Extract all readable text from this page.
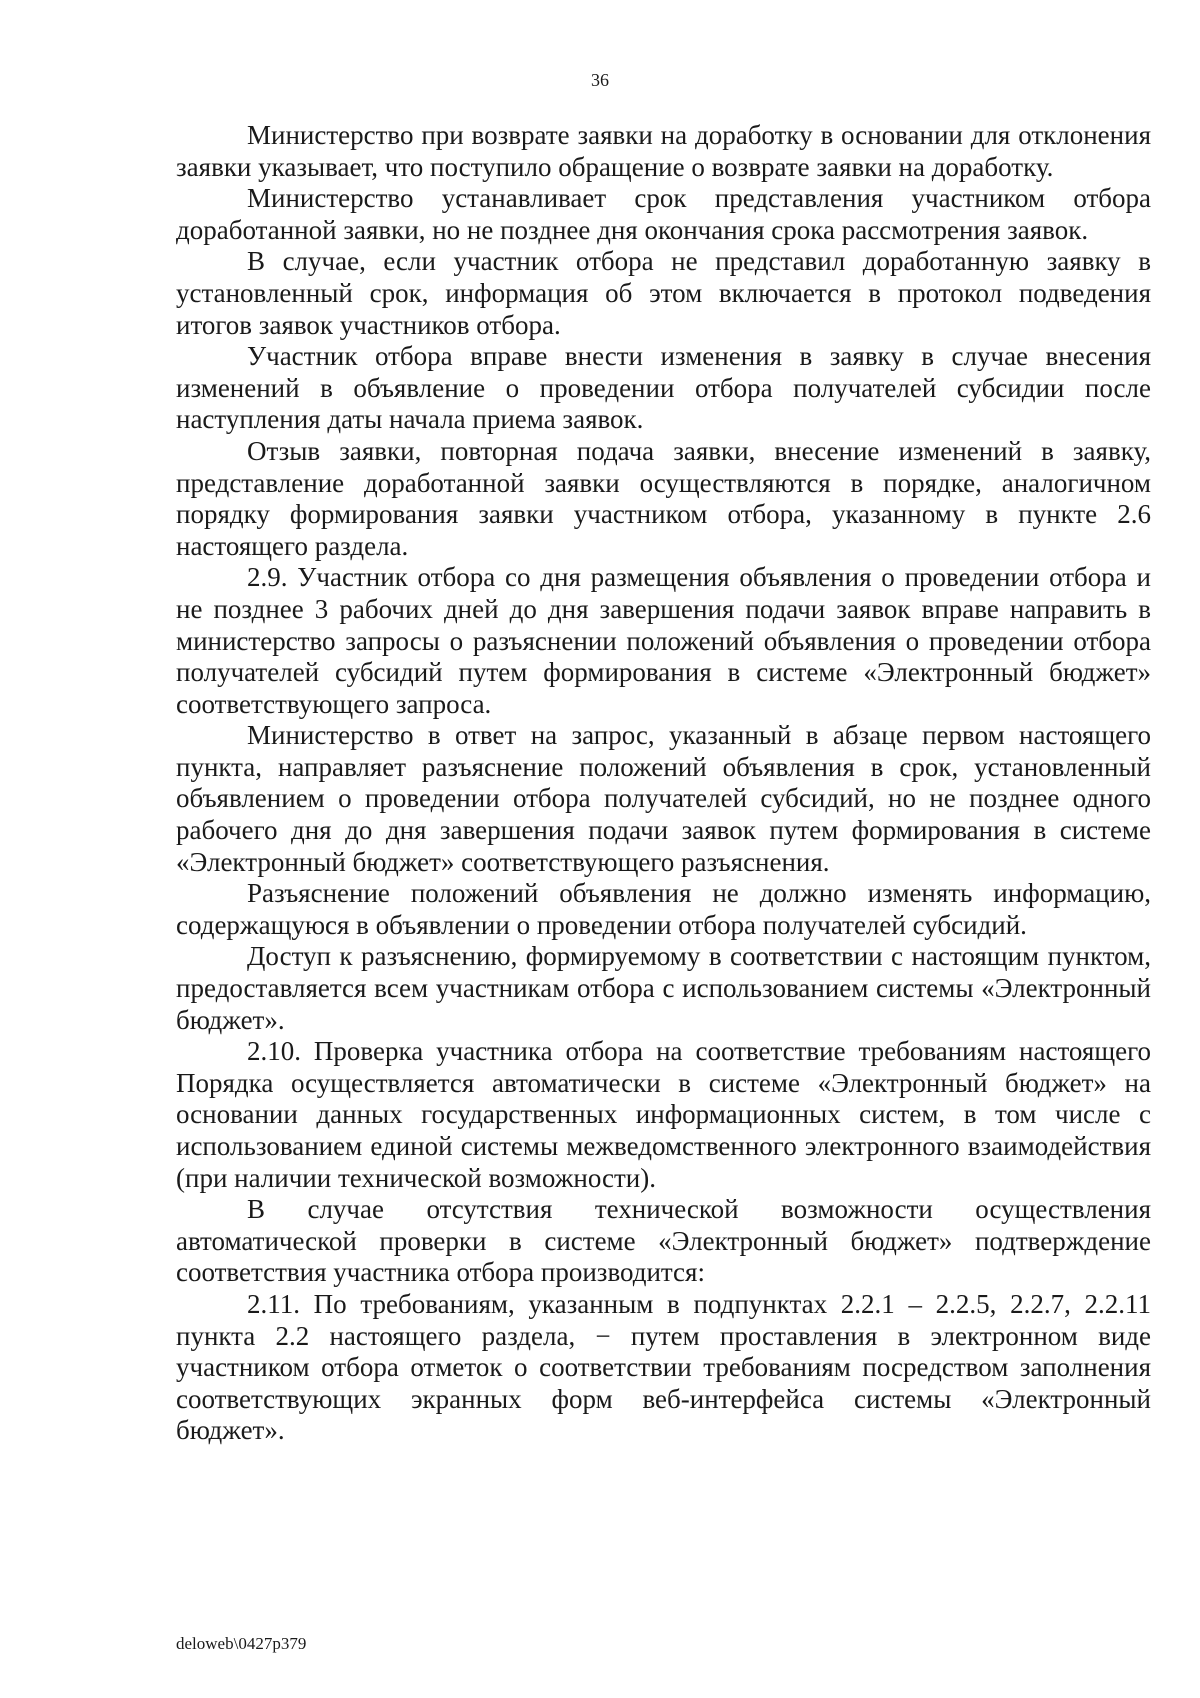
36

Министерство при возврате заявки на доработку в основании для отклонения заявки указывает, что поступило обращение о возврате заявки на доработку.

Министерство устанавливает срок представления участником отбора доработанной заявки, но не позднее дня окончания срока рассмотрения заявок.

В случае, если участник отбора не представил доработанную заявку в установленный срок, информация об этом включается в протокол подведения итогов заявок участников отбора.

Участник отбора вправе внести изменения в заявку в случае внесения изменений в объявление о проведении отбора получателей субсидии после наступления даты начала приема заявок.

Отзыв заявки, повторная подача заявки, внесение изменений в заявку, представление доработанной заявки осуществляются в порядке, аналогичном порядку формирования заявки участником отбора, указанному в пункте 2.6 настоящего раздела.

2.9. Участник отбора со дня размещения объявления о проведении отбора и не позднее 3 рабочих дней до дня завершения подачи заявок вправе направить в министерство запросы о разъяснении положений объявления о проведении отбора получателей субсидий путем формирования в системе «Электронный бюджет» соответствующего запроса.

Министерство в ответ на запрос, указанный в абзаце первом настоящего пункта, направляет разъяснение положений объявления в срок, установленный объявлением о проведении отбора получателей субсидий, но не позднее одного рабочего дня до дня завершения подачи заявок путем формирования в системе «Электронный бюджет» соответствующего разъяснения.

Разъяснение положений объявления не должно изменять информацию, содержащуюся в объявлении о проведении отбора получателей субсидий.

Доступ к разъяснению, формируемому в соответствии с настоящим пунктом, предоставляется всем участникам отбора с использованием системы «Электронный бюджет».

2.10. Проверка участника отбора на соответствие требованиям настоящего Порядка осуществляется автоматически в системе «Электронный бюджет» на основании данных государственных информационных систем, в том числе с использованием единой системы межведомственного электронного взаимодействия (при наличии технической возможности).

В случае отсутствия технической возможности осуществления автоматической проверки в системе «Электронный бюджет» подтверждение соответствия участника отбора производится:

2.11. По требованиям, указанным в подпунктах 2.2.1 – 2.2.5, 2.2.7, 2.2.11 пункта 2.2 настоящего раздела, − путем проставления в электронном виде участником отбора отметок о соответствии требованиям посредством заполнения соответствующих экранных форм веб-интерфейса системы «Электронный бюджет».

deloweb\0427p379
